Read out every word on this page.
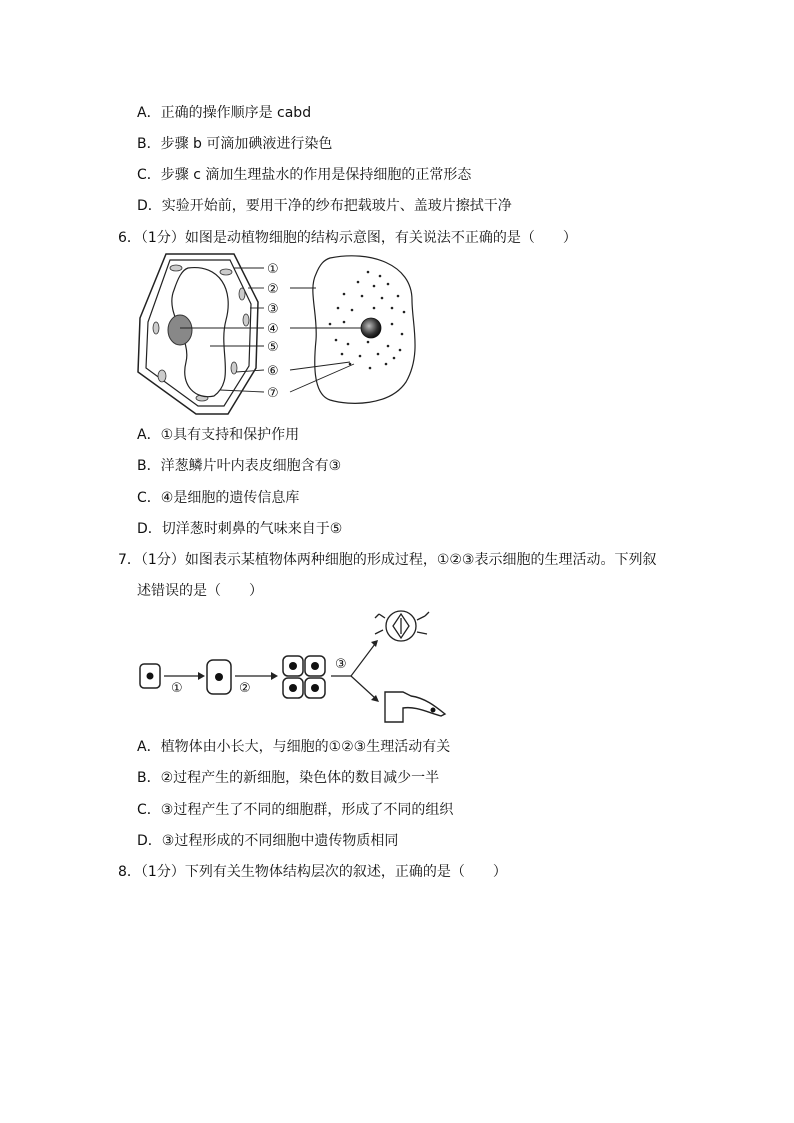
A．正确的操作顺序是 cabd
B．步骤 b 可滴加碘液进行染色
C．步骤 c 滴加生理盐水的作用是保持细胞的正常形态
D．实验开始前，要用干净的纱布把载玻片、盖玻片擦拭干净
6．（1分）如图是动植物细胞的结构示意图，有关说法不正确的是（　　）
①
②
③
④
⑤
⑥
⑦
A．①具有支持和保护作用
B．洋葱鳞片叶内表皮细胞含有③
C．④是细胞的遗传信息库
D．切洋葱时刺鼻的气味来自于⑤
7．（1分）如图表示某植物体两种细胞的形成过程，①②③表示细胞的生理活动。下列叙
述错误的是（　　）
①	②
③
A．植物体由小长大，与细胞的①②③生理活动有关
B．②过程产生的新细胞，染色体的数目减少一半
C．③过程产生了不同的细胞群，形成了不同的组织
D．③过程形成的不同细胞中遗传物质相同
8．（1分）下列有关生物体结构层次的叙述，正确的是（　　）
